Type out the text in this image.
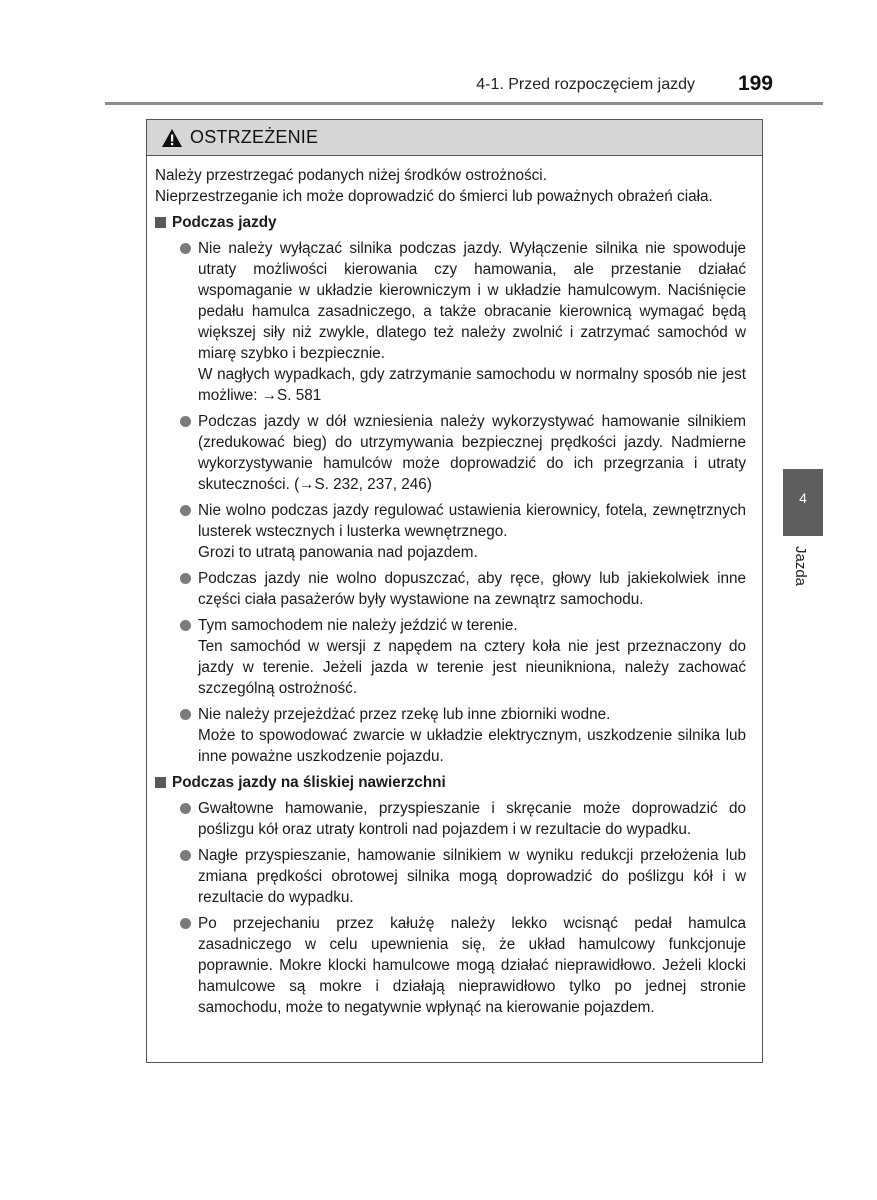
4-1. Przed rozpoczęciem jazdy	199
OSTRZEŻENIE

Należy przestrzegać podanych niżej środków ostrożności.

Nieprzestrzeganie ich może doprowadzić do śmierci lub poważnych obrażeń ciała.

Podczas jazdy
Nie należy wyłączać silnika podczas jazdy. Wyłączenie silnika nie spowoduje utraty możliwości kierowania czy hamowania, ale przestanie działać wspomaganie w układzie kierowniczym i w układzie hamulcowym. Naciśnięcie pedału hamulca zasadniczego, a także obracanie kierownicą wymagać będą większej siły niż zwykle, dlatego też należy zwolnić i zatrzymać samochód w miarę szybko i bezpiecznie.
W nagłych wypadkach, gdy zatrzymanie samochodu w normalny sposób nie jest możliwe: →S. 581
Podczas jazdy w dół wzniesienia należy wykorzystywać hamowanie silnikiem (zredukować bieg) do utrzymywania bezpiecznej prędkości jazdy. Nadmierne wykorzystywanie hamulców może doprowadzić do ich przegrzania i utraty skuteczności. (→S. 232, 237, 246)
Nie wolno podczas jazdy regulować ustawienia kierownicy, fotela, zewnętrznych lusterek wstecznych i lusterka wewnętrznego.
Grozi to utratą panowania nad pojazdem.
Podczas jazdy nie wolno dopuszczać, aby ręce, głowy lub jakiekolwiek inne części ciała pasażerów były wystawione na zewnątrz samochodu.
Tym samochodem nie należy jeździć w terenie.
Ten samochód w wersji z napędem na cztery koła nie jest przeznaczony do jazdy w terenie. Jeżeli jazda w terenie jest nieunikniona, należy zachować szczególną ostrożność.
Nie należy przejeżdżać przez rzekę lub inne zbiorniki wodne.
Może to spowodować zwarcie w układzie elektrycznym, uszkodzenie silnika lub inne poważne uszkodzenie pojazdu.
Podczas jazdy na śliskiej nawierzchni
Gwałtowne hamowanie, przyspieszanie i skręcanie może doprowadzić do poślizgu kół oraz utraty kontroli nad pojazdem i w rezultacie do wypadku.
Nagłe przyspieszanie, hamowanie silnikiem w wyniku redukcji przełożenia lub zmiana prędkości obrotowej silnika mogą doprowadzić do poślizgu kół i w rezultacie do wypadku.
Po przejechaniu przez kałużę należy lekko wcisnąć pedał hamulca zasadniczego w celu upewnienia się, że układ hamulcowy funkcjonuje poprawnie. Mokre klocki hamulcowe mogą działać nieprawidłowo. Jeżeli klocki hamulcowe są mokre i działają nieprawidłowo tylko po jednej stronie samochodu, może to negatywnie wpłynąć na kierowanie pojazdem.
4
Jazda
